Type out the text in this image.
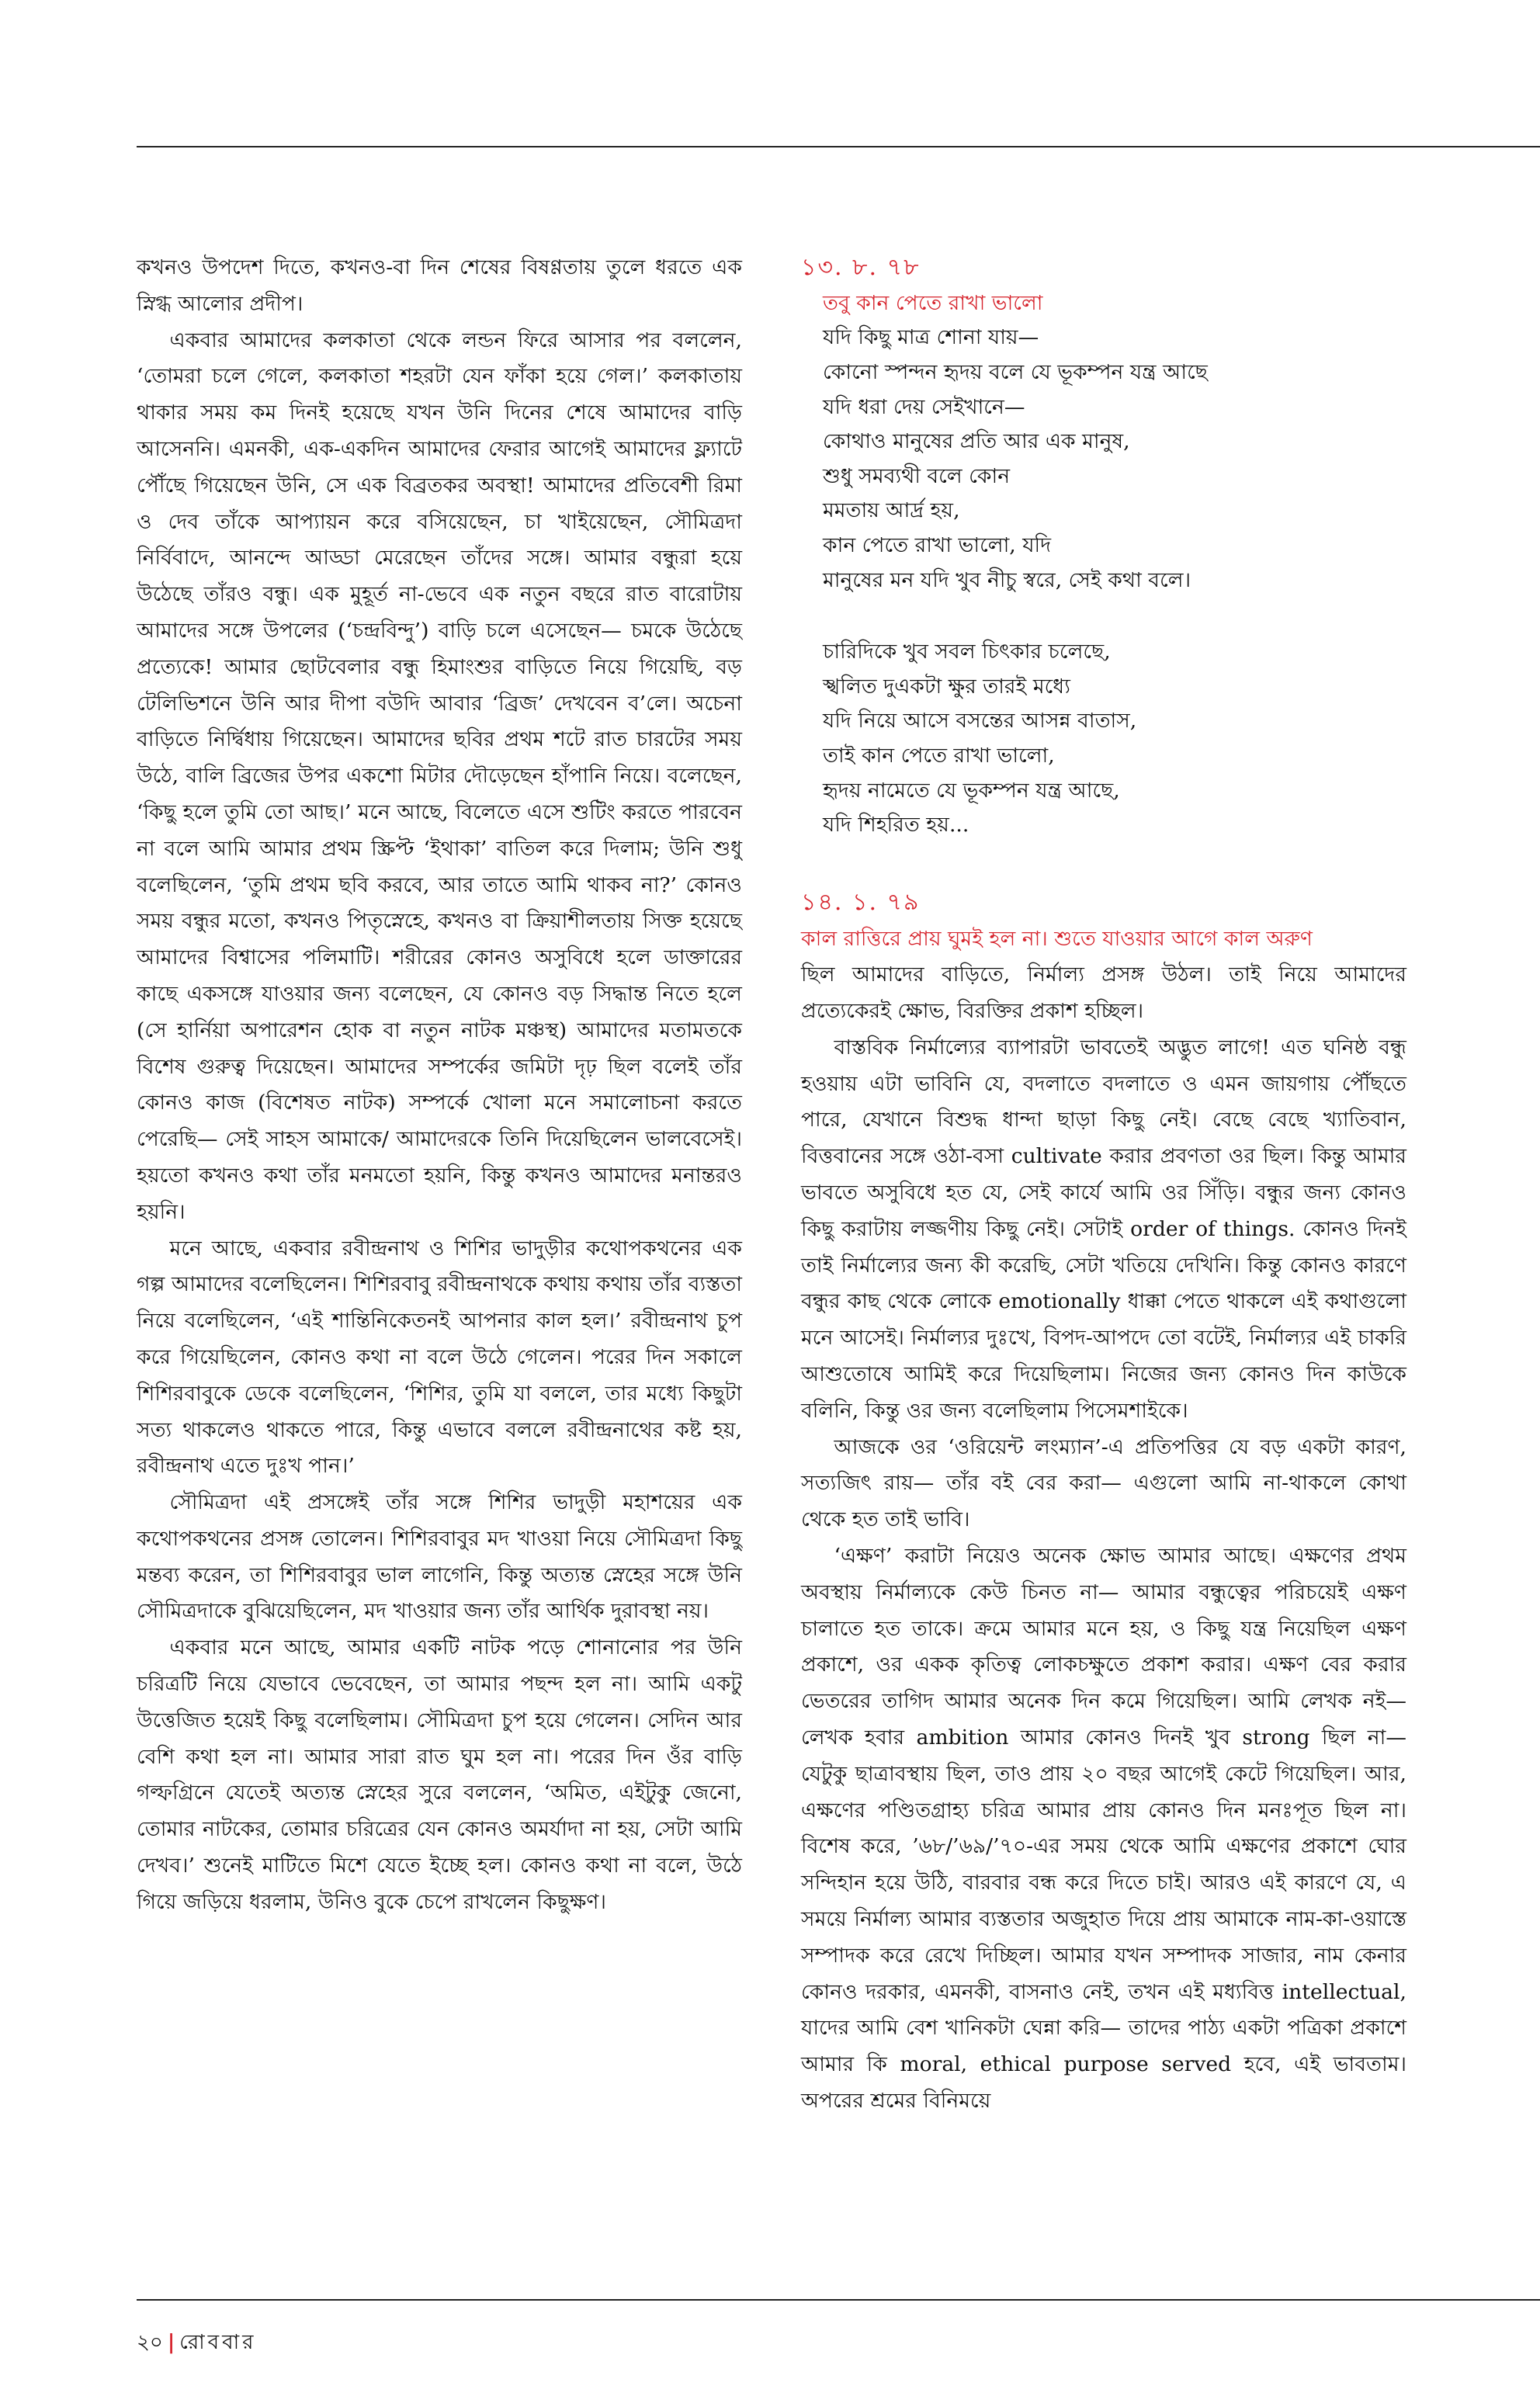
কখনও উপদেশ দিতে, কখনও-বা দিন শেষের বিষণ্ণতায় তুলে ধরতে এক স্নিগ্ধ আলোর প্রদীপ।

একবার আমাদের কলকাতা থেকে লন্ডন ফিরে আসার পর বললেন, ‘তোমরা চলে গেলে, কলকাতা শহরটা যেন ফাঁকা হয়ে গেল।’ কলকাতায় থাকার সময় কম দিনই হয়েছে যখন উনি দিনের শেষে আমাদের বাড়ি আসেননি। এমনকী, এক-একদিন আমাদের ফেরার আগেই আমাদের ফ্ল্যাটে পৌঁছে গিয়েছেন উনি, সে এক বিব্রতকর অবস্থা! আমাদের প্রতিবেশী রিমা ও দেব তাঁকে আপ্যায়ন করে বসিয়েছেন, চা খাইয়েছেন, সৌমিত্রদা নির্বিবাদে, আনন্দে আড্ডা মেরেছেন তাঁদের সঙ্গে। আমার বন্ধুরা হয়ে উঠেছে তাঁরও বন্ধু। এক মুহূর্ত না-ভেবে এক নতুন বছরে রাত বারোটায় আমাদের সঙ্গে উপলের (‘চন্দ্রবিন্দু’) বাড়ি চলে এসেছেন— চমকে উঠেছে প্রত্যেকে! আমার ছোটবেলার বন্ধু হিমাংশুর বাড়িতে নিয়ে গিয়েছি, বড় টেলিভিশনে উনি আর দীপা বউদি আবার ‘ব্রিজ’ দেখবেন ব’লে। অচেনা বাড়িতে নির্দ্বিধায় গিয়েছেন। আমাদের ছবির প্রথম শটে রাত চারটের সময় উঠে, বালি ব্রিজের উপর একশো মিটার দৌড়েছেন হাঁপানি নিয়ে। বলেছেন, ‘কিছু হলে তুমি তো আছ।’ মনে আছে, বিলেতে এসে শুটিং করতে পারবেন না বলে আমি আমার প্রথম স্ক্রিপ্ট ‘ইথাকা’ বাতিল করে দিলাম; উনি শুধু বলেছিলেন, ‘তুমি প্রথম ছবি করবে, আর তাতে আমি থাকব না?’ কোনও সময় বন্ধুর মতো, কখনও পিতৃস্নেহে, কখনও বা ক্রিয়াশীলতায় সিক্ত হয়েছে আমাদের বিশ্বাসের পলিমাটি। শরীরের কোনও অসুবিধে হলে ডাক্তারের কাছে একসঙ্গে যাওয়ার জন্য বলেছেন, যে কোনও বড় সিদ্ধান্ত নিতে হলে (সে হার্নিয়া অপারেশন হোক বা নতুন নাটক মঞ্চস্থ) আমাদের মতামতকে বিশেষ গুরুত্ব দিয়েছেন। আমাদের সম্পর্কের জমিটা দৃঢ় ছিল বলেই তাঁর কোনও কাজ (বিশেষত নাটক) সম্পর্কে খোলা মনে সমালোচনা করতে পেরেছি— সেই সাহস আমাকে/ আমাদেরকে তিনি দিয়েছিলেন ভালবেসেই। হয়তো কখনও কথা তাঁর মনমতো হয়নি, কিন্তু কখনও আমাদের মনান্তরও হয়নি।

মনে আছে, একবার রবীন্দ্রনাথ ও শিশির ভাদুড়ীর কথোপকথনের এক গল্প আমাদের বলেছিলেন। শিশিরবাবু রবীন্দ্রনাথকে কথায় কথায় তাঁর ব্যস্ততা নিয়ে বলেছিলেন, ‘এই শান্তিনিকেতনই আপনার কাল হল।’ রবীন্দ্রনাথ চুপ করে গিয়েছিলেন, কোনও কথা না বলে উঠে গেলেন। পরের দিন সকালে শিশিরবাবুকে ডেকে বলেছিলেন, ‘শিশির, তুমি যা বললে, তার মধ্যে কিছুটা সত্য থাকলেও থাকতে পারে, কিন্তু এভাবে বললে রবীন্দ্রনাথের কষ্ট হয়, রবীন্দ্রনাথ এতে দুঃখ পান।’

সৌমিত্রদা এই প্রসঙ্গেই তাঁর সঙ্গে শিশির ভাদুড়ী মহাশয়ের এক কথোপকথনের প্রসঙ্গ তোলেন। শিশিরবাবুর মদ খাওয়া নিয়ে সৌমিত্রদা কিছু মন্তব্য করেন, তা শিশিরবাবুর ভাল লাগেনি, কিন্তু অত্যন্ত স্নেহের সঙ্গে উনি সৌমিত্রদাকে বুঝিয়েছিলেন, মদ খাওয়ার জন্য তাঁর আর্থিক দুরাবস্থা নয়।

একবার মনে আছে, আমার একটি নাটক পড়ে শোনানোর পর উনি চরিত্রটি নিয়ে যেভাবে ভেবেছেন, তা আমার পছন্দ হল না। আমি একটু উত্তেজিত হয়েই কিছু বলেছিলাম। সৌমিত্রদা চুপ হয়ে গেলেন। সেদিন আর বেশি কথা হল না। আমার সারা রাত ঘুম হল না। পরের দিন ওঁর বাড়ি গল্ফগ্রিনে যেতেই অত্যন্ত স্নেহের সুরে বললেন, ‘অমিত, এইটুকু জেনো, তোমার নাটকের, তোমার চরিত্রের যেন কোনও অমর্যাদা না হয়, সেটা আমি দেখব।’ শুনেই মাটিতে মিশে যেতে ইচ্ছে হল। কোনও কথা না বলে, উঠে গিয়ে জড়িয়ে ধরলাম, উনিও বুকে চেপে রাখলেন কিছুক্ষণ।

১৩. ৮. ৭৮
তবু কান পেতে রাখা ভালো
যদি কিছু মাত্র শোনা যায়—
কোনো স্পন্দন হৃদয় বলে যে ভূকম্পন যন্ত্র আছে
যদি ধরা দেয় সেইখানে—
কোথাও মানুষের প্রতি আর এক মানুষ,
শুধু সমব্যথী বলে কোন
মমতায় আর্দ্র হয়,
কান পেতে রাখা ভালো, যদি
মানুষের মন যদি খুব নীচু স্বরে, সেই কথা বলে।
চারিদিকে খুব সবল চিৎকার চলেছে,
স্খলিত দুএকটা ক্ষুর তারই মধ্যে
যদি নিয়ে আসে বসন্তের আসন্ন বাতাস,
তাই কান পেতে রাখা ভালো,
হৃদয় নামেতে যে ভূকম্পন যন্ত্র আছে,
যদি শিহরিত হয়...
১৪. ১. ৭৯
কাল রাত্তিরে প্রায় ঘুমই হল না। শুতে যাওয়ার আগে কাল অরুণ

ছিল আমাদের বাড়িতে, নির্মাল্য প্রসঙ্গ উঠল। তাই নিয়ে আমাদের প্রত্যেকেরই ক্ষোভ, বিরক্তির প্রকাশ হচ্ছিল।

বাস্তবিক নির্মাল্যের ব্যাপারটা ভাবতেই অদ্ভুত লাগে! এত ঘনিষ্ঠ বন্ধু হওয়ায় এটা ভাবিনি যে, বদলাতে বদলাতে ও এমন জায়গায় পৌঁছতে পারে, যেখানে বিশুদ্ধ ধান্দা ছাড়া কিছু নেই। বেছে বেছে খ্যাতিবান, বিত্তবানের সঙ্গে ওঠা-বসা cultivate করার প্রবণতা ওর ছিল। কিন্তু আমার ভাবতে অসুবিধে হত যে, সেই কার্যে আমি ওর সিঁড়ি। বন্ধুর জন্য কোনও কিছু করাটায় লজ্জণীয় কিছু নেই। সেটাই order of things. কোনও দিনই তাই নির্মাল্যের জন্য কী করেছি, সেটা খতিয়ে দেখিনি। কিন্তু কোনও কারণে বন্ধুর কাছ থেকে লোকে emotionally ধাক্কা পেতে থাকলে এই কথাগুলো মনে আসেই। নির্মাল্যর দুঃখে, বিপদ-আপদে তো বটেই, নির্মাল্যর এই চাকরি আশুতোষে আমিই করে দিয়েছিলাম। নিজের জন্য কোনও দিন কাউকে বলিনি, কিন্তু ওর জন্য বলেছিলাম পিসেমশাইকে।

আজকে ওর ‘ওরিয়েন্ট লংম্যান’-এ প্রতিপত্তির যে বড় একটা কারণ, সত্যজিৎ রায়— তাঁর বই বের করা— এগুলো আমি না-থাকলে কোথা থেকে হত তাই ভাবি।

‘এক্ষণ’ করাটা নিয়েও অনেক ক্ষোভ আমার আছে। এক্ষণের প্রথম অবস্থায় নির্মাল্যকে কেউ চিনত না— আমার বন্ধুত্বের পরিচয়েই এক্ষণ চালাতে হত তাকে। ক্রমে আমার মনে হয়, ও কিছু যন্ত্র নিয়েছিল এক্ষণ প্রকাশে, ওর একক কৃতিত্ব লোকচক্ষুতে প্রকাশ করার। এক্ষণ বের করার ভেতরের তাগিদ আমার অনেক দিন কমে গিয়েছিল। আমি লেখক নই— লেখক হবার ambition আমার কোনও দিনই খুব strong ছিল না— যেটুকু ছাত্রাবস্থায় ছিল, তাও প্রায় ২০ বছর আগেই কেটে গিয়েছিল। আর, এক্ষণের পণ্ডিতগ্রাহ্য চরিত্র আমার প্রায় কোনও দিন মনঃপূত ছিল না। বিশেষ করে, ’৬৮/’৬৯/’৭০-এর সময় থেকে আমি এক্ষণের প্রকাশে ঘোর সন্দিহান হয়ে উঠি, বারবার বন্ধ করে দিতে চাই। আরও এই কারণে যে, এ সময়ে নির্মাল্য আমার ব্যস্ততার অজুহাত দিয়ে প্রায় আমাকে নাম-কা-ওয়াস্তে সম্পাদক করে রেখে দিচ্ছিল। আমার যখন সম্পাদক সাজার, নাম কেনার কোনও দরকার, এমনকী, বাসনাও নেই, তখন এই মধ্যবিত্ত intellectual, যাদের আমি বেশ খানিকটা ঘেন্না করি— তাদের পাঠ্য একটা পত্রিকা প্রকাশে আমার কি moral, ethical purpose served হবে, এই ভাবতাম। অপরের শ্রমের বিনিময়ে

২০ | রোববার
